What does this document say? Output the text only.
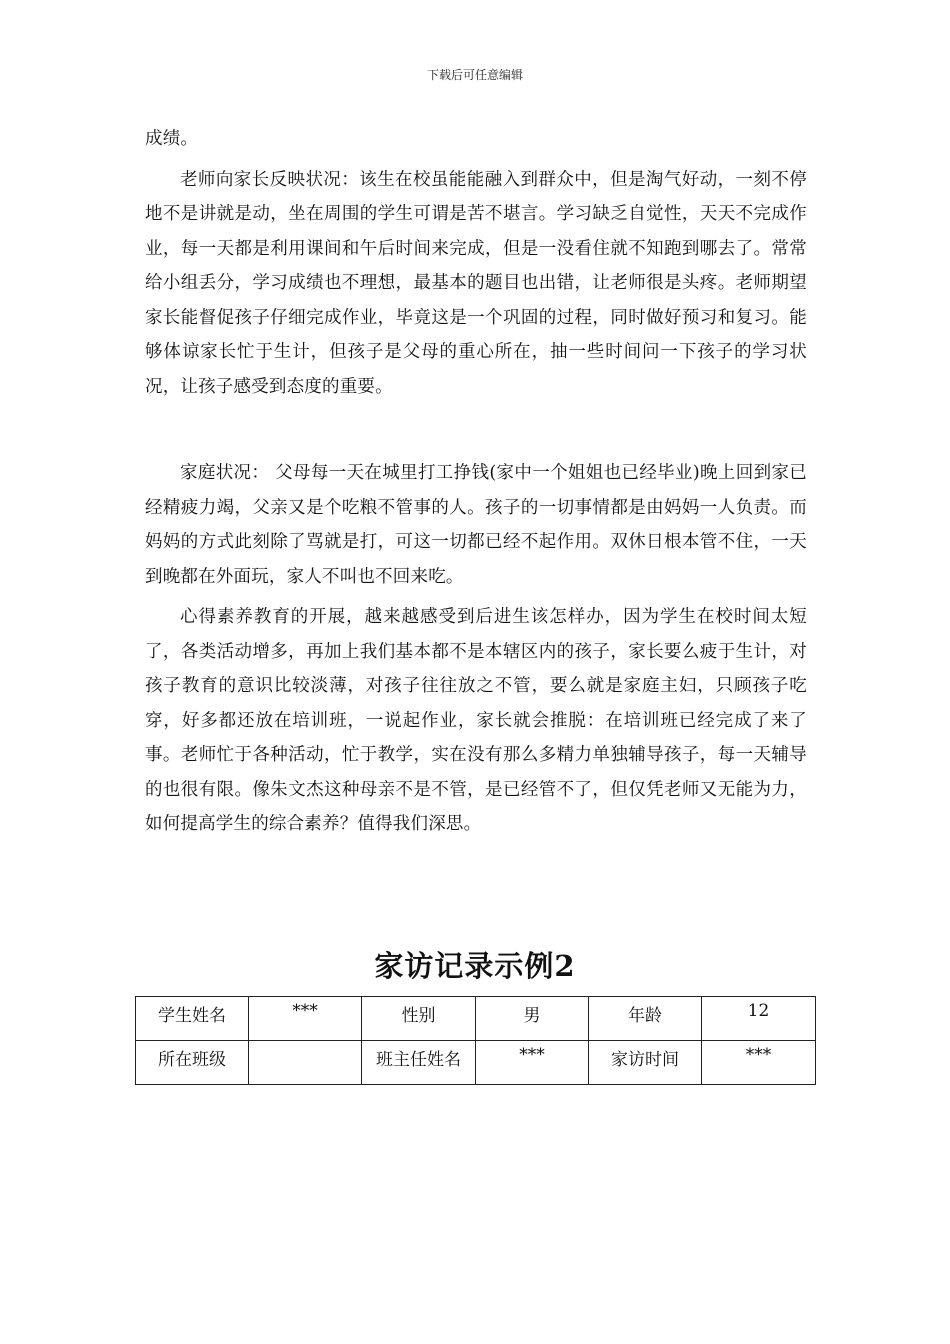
下载后可任意编辑

成绩。

老师向家长反映状况：该生在校虽能能融入到群众中，但是淘气好动，一刻不停地不是讲就是动，坐在周围的学生可谓是苦不堪言。学习缺乏自觉性，天天不完成作业，每一天都是利用课间和午后时间来完成，但是一没看住就不知跑到哪去了。常常给小组丢分，学习成绩也不理想，最基本的题目也出错，让老师很是头疼。老师期望家长能督促孩子仔细完成作业，毕竟这是一个巩固的过程，同时做好预习和复习。能够体谅家长忙于生计，但孩子是父母的重心所在，抽一些时间问一下孩子的学习状况，让孩子感受到态度的重要。

家庭状况： 父母每一天在城里打工挣钱(家中一个姐姐也已经毕业)晚上回到家已经精疲力竭，父亲又是个吃粮不管事的人。孩子的一切事情都是由妈妈一人负责。而妈妈的方式此刻除了骂就是打，可这一切都已经不起作用。双休日根本管不住，一天到晚都在外面玩，家人不叫也不回来吃。

心得素养教育的开展，越来越感受到后进生该怎样办，因为学生在校时间太短了，各类活动增多，再加上我们基本都不是本辖区内的孩子，家长要么疲于生计，对孩子教育的意识比较淡薄，对孩子往往放之不管，要么就是家庭主妇，只顾孩子吃穿，好多都还放在培训班，一说起作业，家长就会推脱：在培训班已经完成了来了事。老师忙于各种活动，忙于教学，实在没有那么多精力单独辅导孩子，每一天辅导的也很有限。像朱文杰这种母亲不是不管，是已经管不了，但仅凭老师又无能为力，如何提高学生的综合素养？值得我们深思。

家访记录示例2
学生姓名	***	性别	男	年龄	12
所在班级		班主任姓名	***	家访时间	***
